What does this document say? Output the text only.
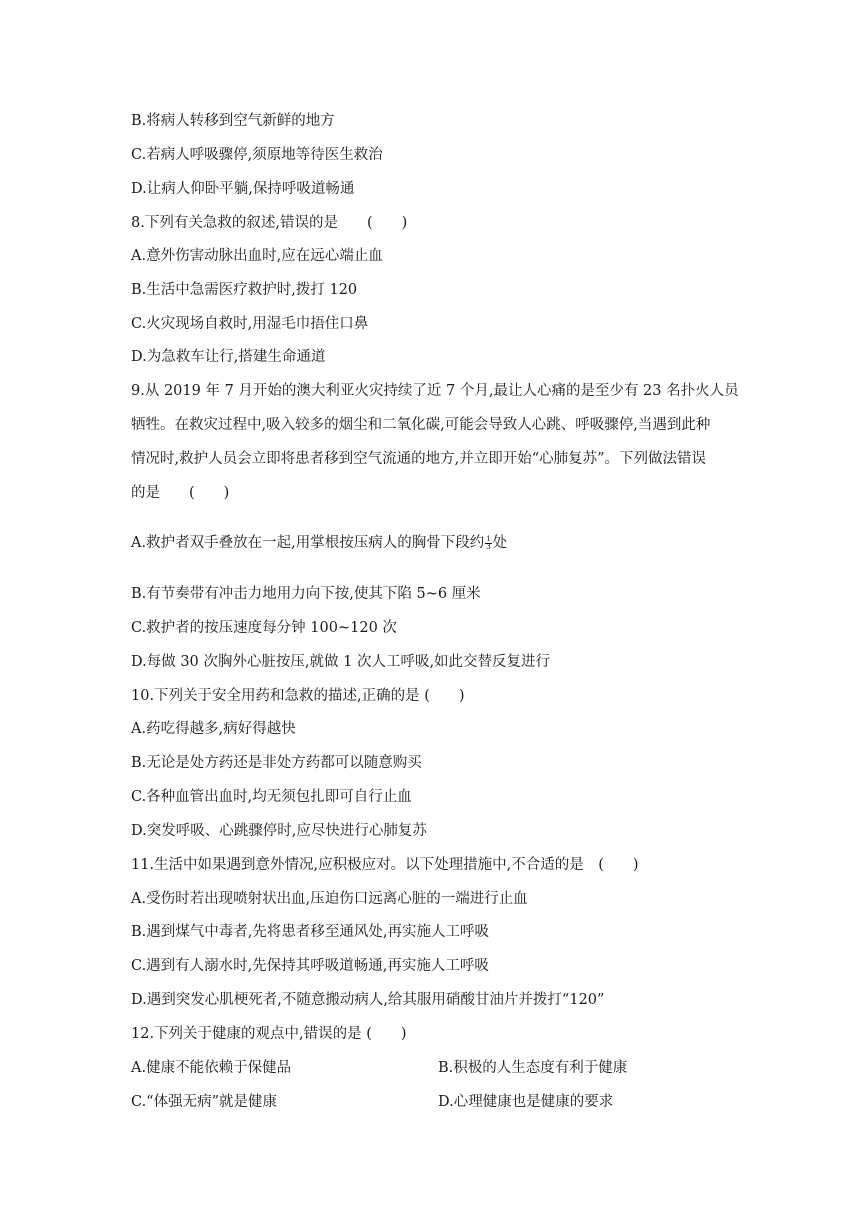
B.将病人转移到空气新鲜的地方
C.若病人呼吸骤停,须原地等待医生救治
D.让病人仰卧平躺,保持呼吸道畅通
8.下列有关急救的叙述,错误的是　　(　　)
A.意外伤害动脉出血时,应在远心端止血
B.生活中急需医疗救护时,拨打 120
C.火灾现场自救时,用湿毛巾捂住口鼻
D.为急救车让行,搭建生命通道
9.从 2019 年 7 月开始的澳大利亚火灾持续了近 7 个月,最让人心痛的是至少有 23 名扑火人员
牺牲。在救灾过程中,吸入较多的烟尘和二氧化碳,可能会导致人心跳、呼吸骤停,当遇到此种
情况时,救护人员会立即将患者移到空气流通的地方,并立即开始“心肺复苏”。下列做法错误
的是　　(　　)
A.救护者双手叠放在一起,用掌根按压病人的胸骨下段约 $\frac{1}{3}$ 处
B.有节奏带有冲击力地用力向下按,使其下陷 5~6 厘米
C.救护者的按压速度每分钟 100~120 次
D.每做 30 次胸外心脏按压,就做 1 次人工呼吸,如此交替反复进行
10.下列关于安全用药和急救的描述,正确的是 (　　)
A.药吃得越多,病好得越快
B.无论是处方药还是非处方药都可以随意购买
C.各种血管出血时,均无须包扎即可自行止血
D.突发呼吸、心跳骤停时,应尽快进行心肺复苏
11.生活中如果遇到意外情况,应积极应对。以下处理措施中,不合适的是　(　　)
A.受伤时若出现喷射状出血,压迫伤口远离心脏的一端进行止血
B.遇到煤气中毒者,先将患者移至通风处,再实施人工呼吸
C.遇到有人溺水时,先保持其呼吸道畅通,再实施人工呼吸
D.遇到突发心肌梗死者,不随意搬动病人,给其服用硝酸甘油片并拨打“120”
12.下列关于健康的观点中,错误的是 (　　)
A.健康不能依赖于保健品	B.积极的人生态度有利于健康
C.“体强无病”就是健康	D.心理健康也是健康的要求
